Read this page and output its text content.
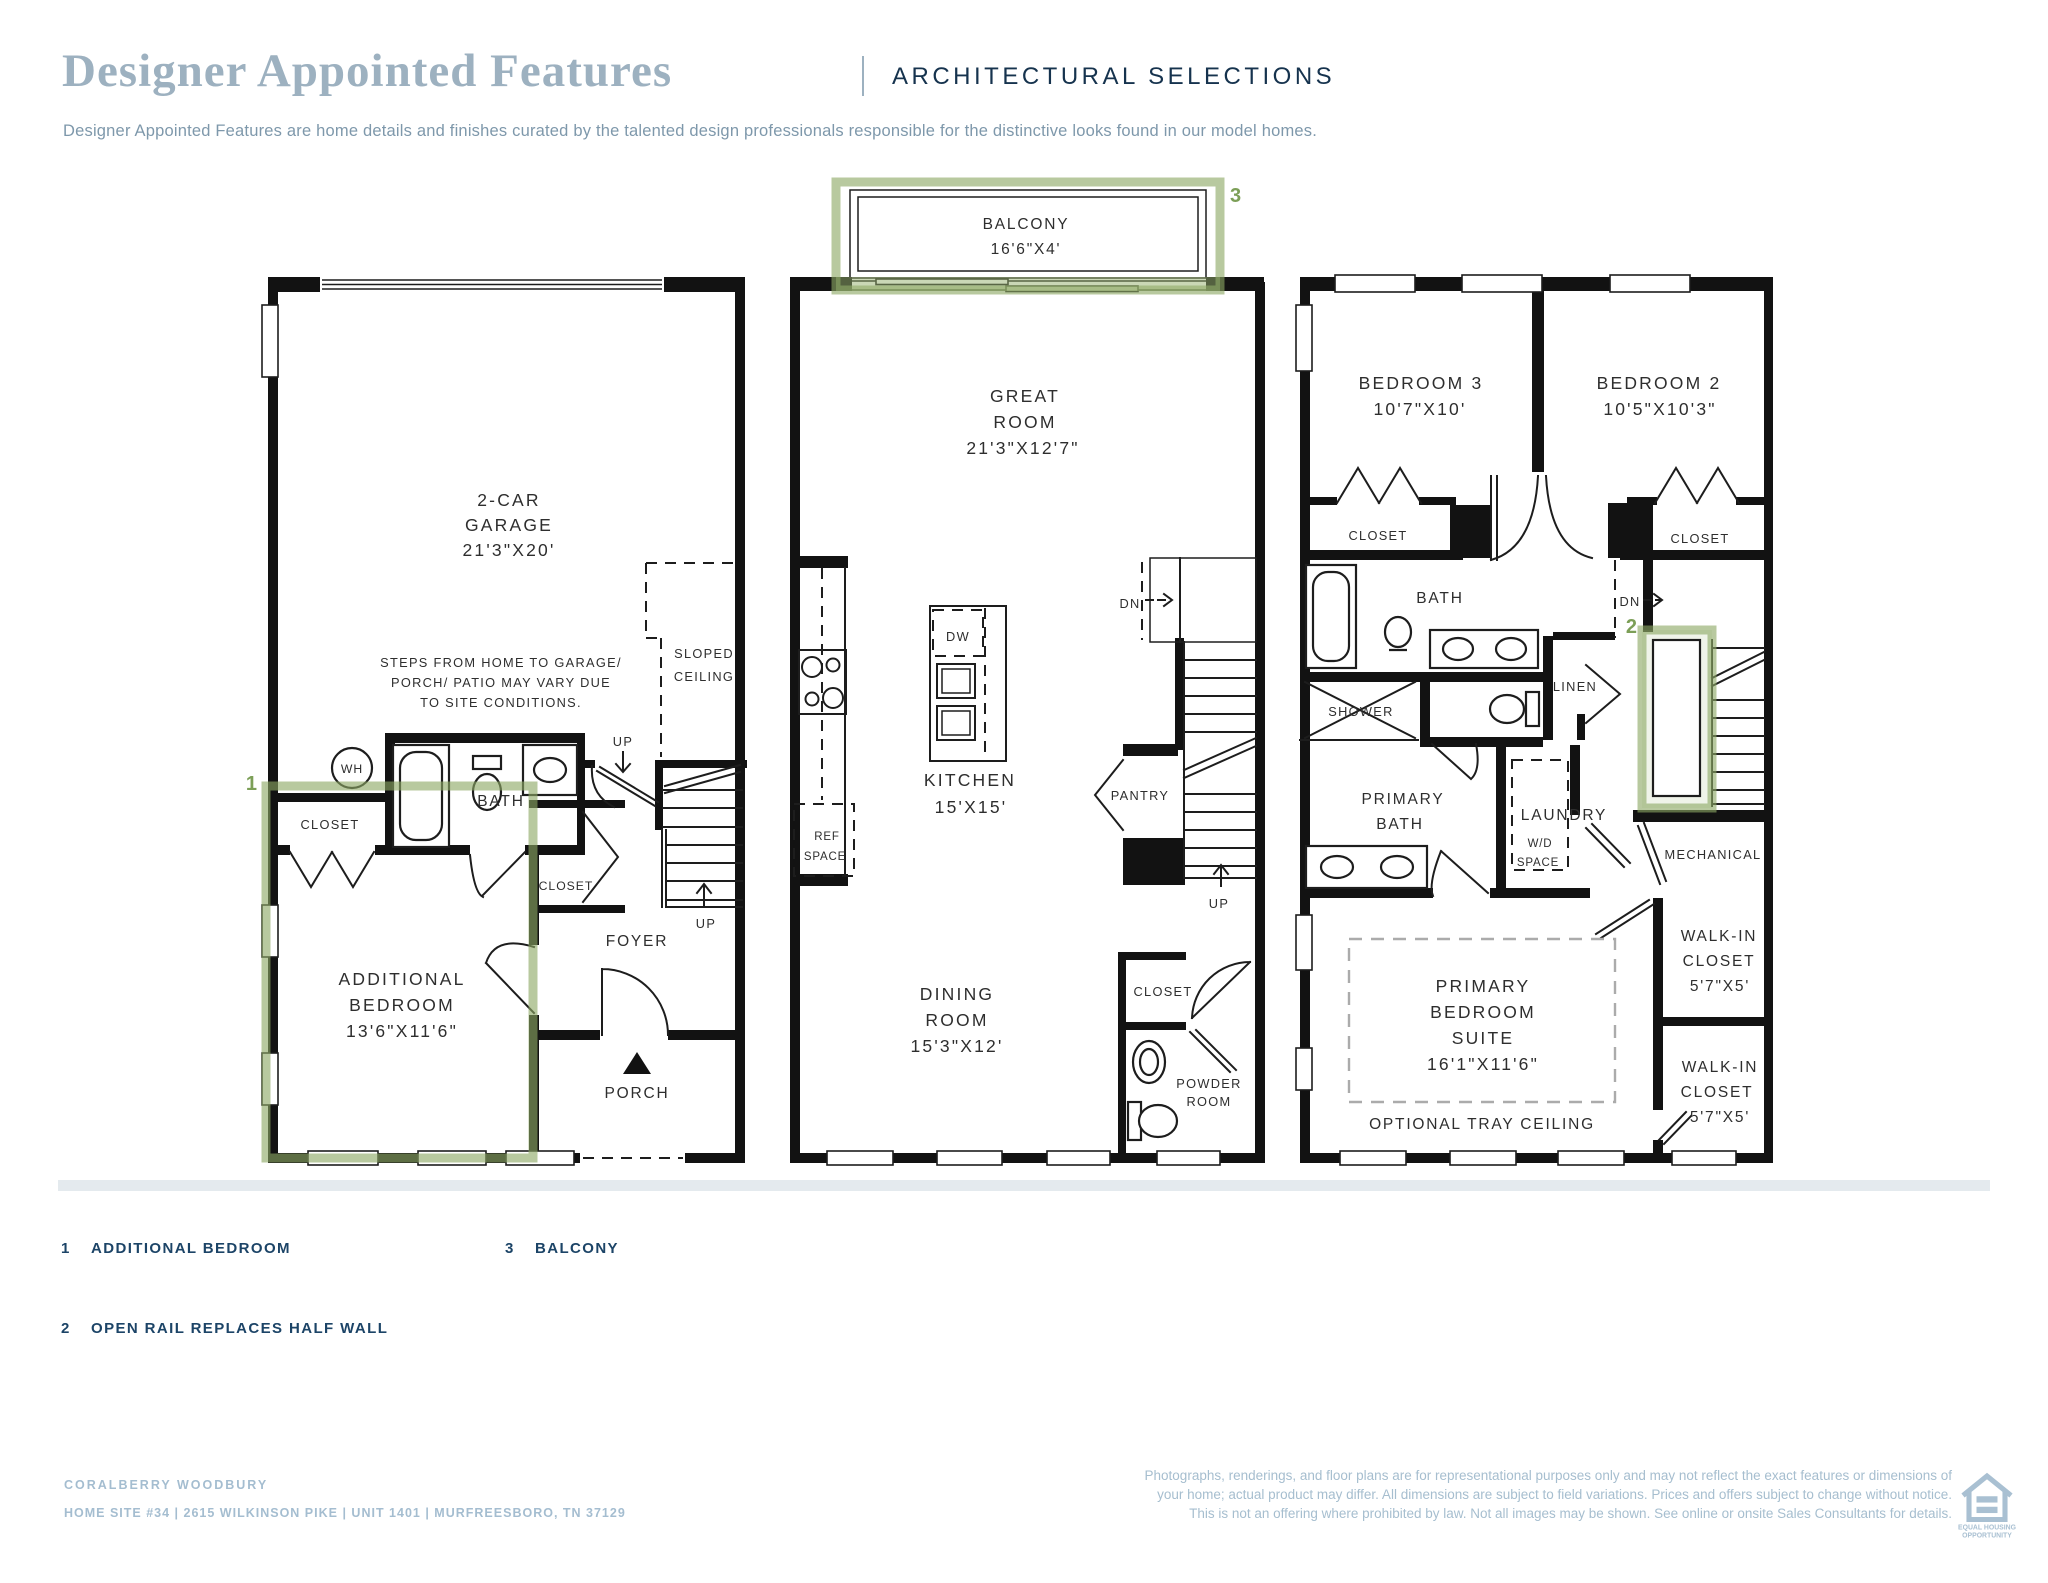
Designer Appointed Features	ARCHITECTURAL SELECTIONS

Designer Appointed Features are home details and finishes curated by the talented design professionals responsible for the distinctive looks found in our model homes.

1
2-CAR
GARAGE
21'3"X20'
STEPS FROM HOME TO GARAGE/
PORCH/ PATIO MAY VARY DUE
TO SITE CONDITIONS.
SLOPED
CEILING
WH
BATH
CLOSET
ADDITIONAL
BEDROOM
13'6"X11'6"
CLOSET
FOYER
UP
UP
PORCH
3
BALCONY
16'6"X4'
GREAT
ROOM
21'3"X12'7"
DW
KITCHEN
15'X15'
REF
SPACE
DN
PANTRY
UP
DINING
ROOM
15'3"X12'
CLOSET
POWDER
ROOM
2
BEDROOM 3
10'7"X10'
BEDROOM 2
10'5"X10'3"
CLOSET	CLOSET
BATH	DN
LINEN
SHOWER
PRIMARY
BATH
LAUNDRY
W/D
SPACE
MECHANICAL
WALK-IN
CLOSET
5'7"X5'
PRIMARY
BEDROOM
SUITE
16'1"X11'6"
OPTIONAL TRAY CEILING
WALK-IN
CLOSET
5'7"X5'
1	ADDITIONAL BEDROOM	3	BALCONY
2	OPEN RAIL REPLACES HALF WALL
CORALBERRY WOODBURY
HOME SITE #34 | 2615 WILKINSON PIKE | UNIT 1401 | MURFREESBORO, TN 37129
Photographs, renderings, and floor plans are for representational purposes only and may not reflect the exact features or dimensions of
your home; actual product may differ. All dimensions are subject to field variations. Prices and offers subject to change without notice.
This is not an offering where prohibited by law. Not all images may be shown. See online or onsite Sales Consultants for details.
EQUAL HOUSING
OPPORTUNITY
